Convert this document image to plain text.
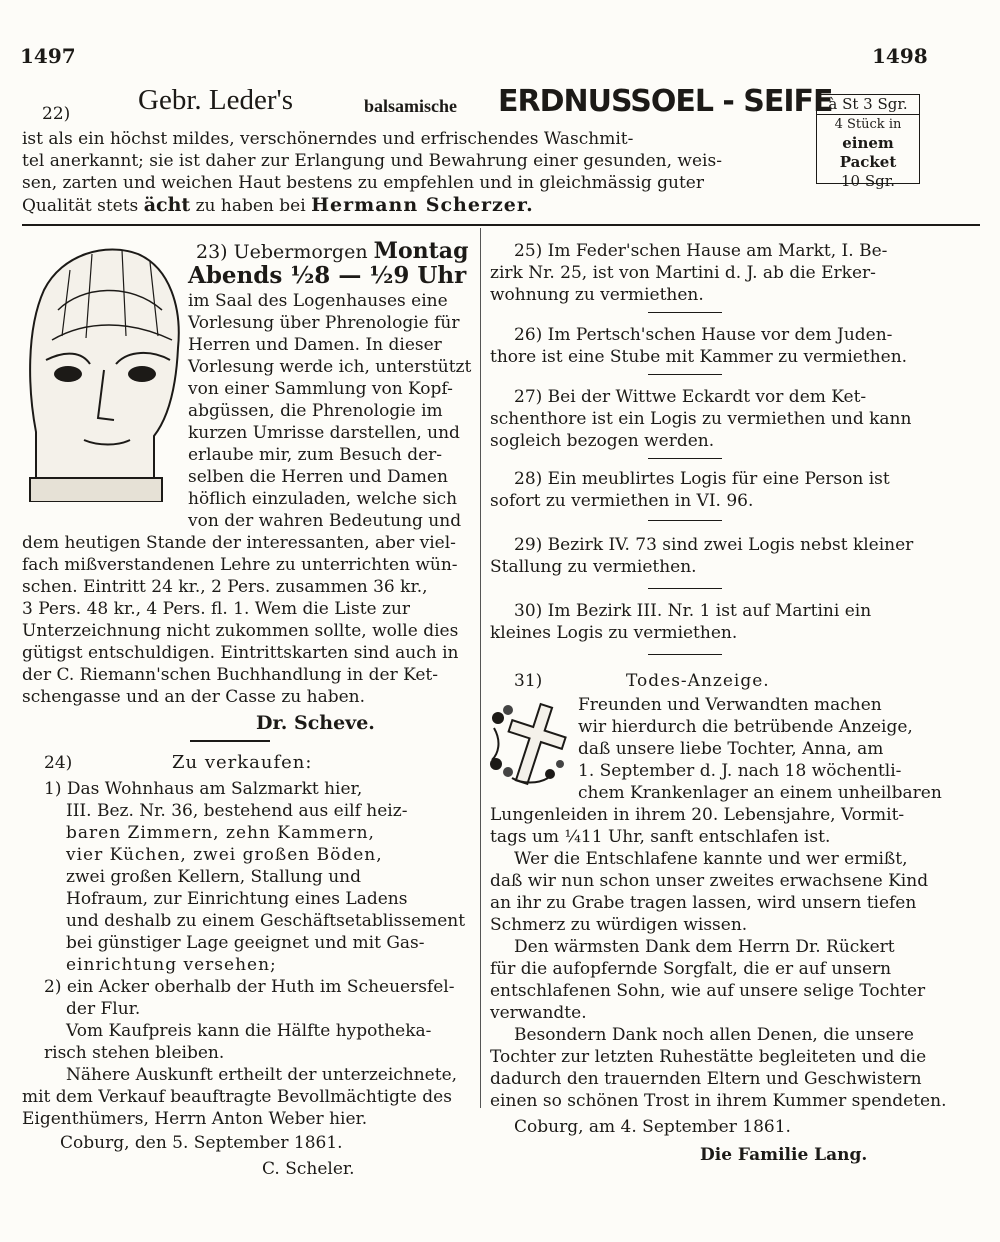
1497	1498
22) Gebr. Leder's	balsamische ERDNUSSOEL - SEIFE
à St 3 Sgr.
4 Stück in
einem Packet
10 Sgr.
ist als ein höchst mildes, verschönerndes und erfrischendes Waschmit-
tel anerkannt; sie ist daher zur Erlangung und Bewahrung einer gesunden, weis-
sen, zarten und weichen Haut bestens zu empfehlen und in gleichmässig guter
Qualität stets ächt zu haben bei Hermann Scherzer.
23) Uebermorgen Montag
Abends ½8 — ½9 Uhr
im Saal des Logenhauses eine
Vorlesung über Phrenologie für
Herren und Damen. In dieser
Vorlesung werde ich, unterstützt
von einer Sammlung von Kopf-
abgüssen, die Phrenologie im
kurzen Umrisse darstellen, und
erlaube mir, zum Besuch der-
selben die Herren und Damen
höflich einzuladen, welche sich
von der wahren Bedeutung und
dem heutigen Stande der interessanten, aber viel-
fach mißverstandenen Lehre zu unterrichten wün-
schen. Eintritt 24 kr., 2 Pers. zusammen 36 kr.,
3 Pers. 48 kr., 4 Pers. fl. 1. Wem die Liste zur
Unterzeichnung nicht zukommen sollte, wolle dies
gütigst entschuldigen. Eintrittskarten sind auch in
der C. Riemann'schen Buchhandlung in der Ket-
schengasse und an der Casse zu haben.
Dr. Scheve.
24)	Zu verkaufen:
1) Das Wohnhaus am Salzmarkt hier,
III. Bez. Nr. 36, bestehend aus eilf heiz-
baren Zimmern, zehn Kammern,
vier Küchen, zwei großen Böden,
zwei großen Kellern, Stallung und
Hofraum, zur Einrichtung eines Ladens
und deshalb zu einem Geschäftsetablissement
bei günstiger Lage geeignet und mit Gas-
einrichtung versehen;
2) ein Acker oberhalb der Huth im Scheuersfel-
der Flur.
Vom Kaufpreis kann die Hälfte hypotheka-
risch stehen bleiben.
Nähere Auskunft ertheilt der unterzeichnete,
mit dem Verkauf beauftragte Bevollmächtigte des
Eigenthümers, Herrn Anton Weber hier.
Coburg, den 5. September 1861.
C. Scheler.
25) Im Feder'schen Hause am Markt, I. Be-
zirk Nr. 25, ist von Martini d. J. ab die Erker-
wohnung zu vermiethen.
26) Im Pertsch'schen Hause vor dem Juden-
thore ist eine Stube mit Kammer zu vermiethen.
27) Bei der Wittwe Eckardt vor dem Ket-
schenthore ist ein Logis zu vermiethen und kann
sogleich bezogen werden.
28) Ein meublirtes Logis für eine Person ist
sofort zu vermiethen in VI. 96.
29) Bezirk IV. 73 sind zwei Logis nebst kleiner
Stallung zu vermiethen.
30) Im Bezirk III. Nr. 1 ist auf Martini ein
kleines Logis zu vermiethen.
31)	Todes-Anzeige.
Freunden und Verwandten machen
wir hierdurch die betrübende Anzeige,
daß unsere liebe Tochter, Anna, am
1. September d. J. nach 18 wöchentli-
chem Krankenlager an einem unheilbaren
Lungenleiden in ihrem 20. Lebensjahre, Vormit-
tags um ¼11 Uhr, sanft entschlafen ist.
Wer die Entschlafene kannte und wer ermißt,
daß wir nun schon unser zweites erwachsene Kind
an ihr zu Grabe tragen lassen, wird unsern tiefen
Schmerz zu würdigen wissen.
Den wärmsten Dank dem Herrn Dr. Rückert
für die aufopfernde Sorgfalt, die er auf unsern
entschlafenen Sohn, wie auf unsere selige Tochter
verwandte.
Besondern Dank noch allen Denen, die unsere
Tochter zur letzten Ruhestätte begleiteten und die
dadurch den trauernden Eltern und Geschwistern
einen so schönen Trost in ihrem Kummer spendeten.
Coburg, am 4. September 1861.
Die Familie Lang.
